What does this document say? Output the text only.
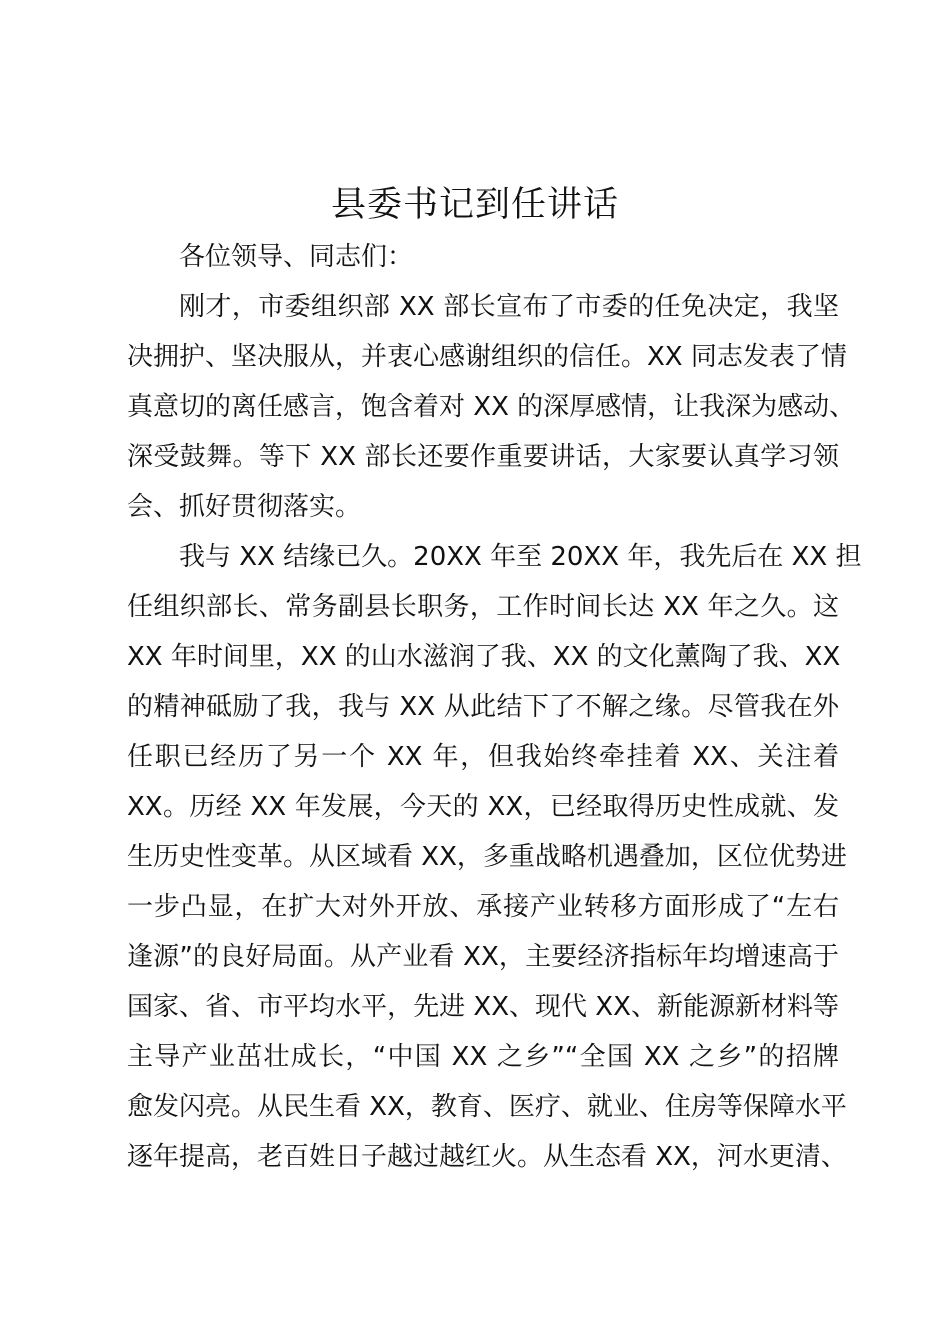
县委书记到任讲话
各位领导、同志们：
刚才，市委组织部 XX 部长宣布了市委的任免决定，我坚
决拥护、坚决服从，并衷心感谢组织的信任。XX 同志发表了情
真意切的离任感言，饱含着对 XX 的深厚感情，让我深为感动、
深受鼓舞。等下 XX 部长还要作重要讲话，大家要认真学习领
会、抓好贯彻落实。
我与 XX 结缘已久。20XX 年至 20XX 年，我先后在 XX 担
任组织部长、常务副县长职务，工作时间长达 XX 年之久。这
XX 年时间里，XX 的山水滋润了我、XX 的文化薰陶了我、XX
的精神砥励了我，我与 XX 从此结下了不解之缘。尽管我在外
任职已经历了另一个 XX 年，但我始终牵挂着 XX、关注着
XX。历经 XX 年发展，今天的 XX，已经取得历史性成就、发
生历史性变革。从区域看 XX，多重战略机遇叠加，区位优势进
一步凸显，在扩大对外开放、承接产业转移方面形成了“左右
逢源”的良好局面。从产业看 XX，主要经济指标年均增速高于
国家、省、市平均水平，先进 XX、现代 XX、新能源新材料等
主导产业茁壮成长，“中国 XX 之乡”“全国 XX 之乡”的招牌
愈发闪亮。从民生看 XX，教育、医疗、就业、住房等保障水平
逐年提高，老百姓日子越过越红火。从生态看 XX，河水更清、
